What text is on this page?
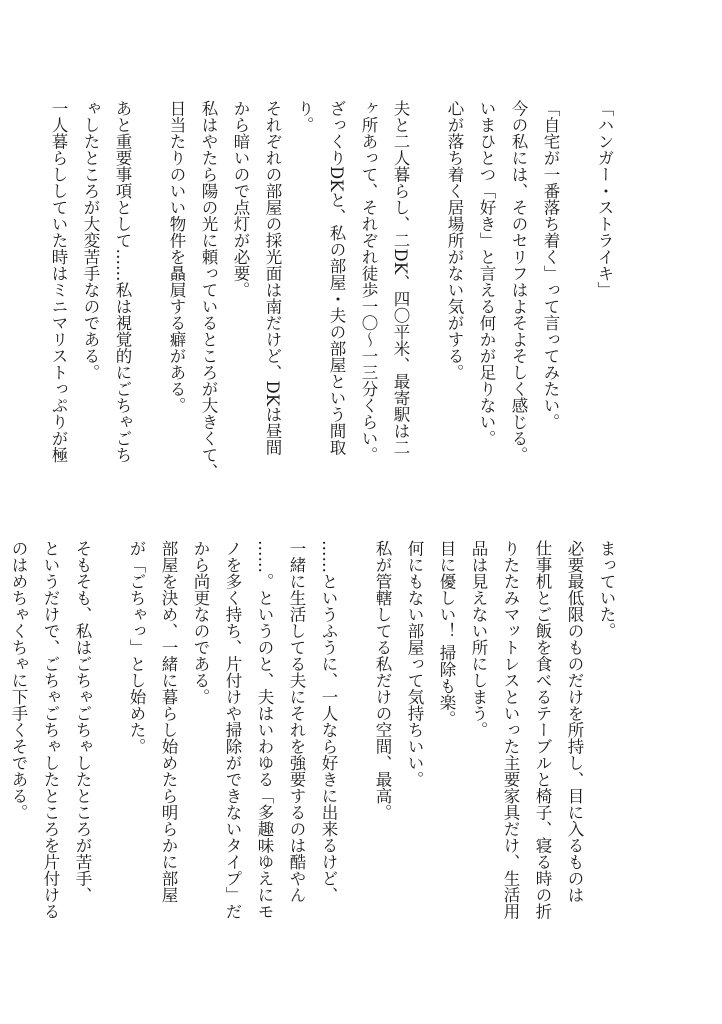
「ハンガー・ストライキ」
「自宅が一番落ち着く」って言ってみたい。
今の私には、そのセリフはよそよそしく感じる。
いまひとつ「好き」と言える何かが足りない。
心が落ち着く居場所がない気がする。
夫と二人暮らし、二DK、四〇平米、最寄駅は二
ヶ所あって、それぞれ徒歩一〇～一三分くらい。
ざっくりDKと、私の部屋・夫の部屋という間取
り。
それぞれの部屋の採光面は南だけど、DKは昼間
から暗いので点灯が必要。
私はやたら陽の光に頼っているところが大きくて、
日当たりのいい物件を贔屓する癖がある。
あと重要事項として……私は視覚的にごちゃごち
ゃしたところが大変苦手なのである。
一人暮らししていた時はミニマリストっぷりが極
まっていた。
必要最低限のものだけを所持し、目に入るものは
仕事机とご飯を食べるテーブルと椅子、寝る時の折
りたたみマットレスといった主要家具だけ、生活用
品は見えない所にしまう。
目に優しい！ 掃除も楽。
何にもない部屋って気持ちいい。
私が管轄してる私だけの空間、最高。
……というふうに、一人なら好きに出来るけど、
一緒に生活してる夫にそれを強要するのは酷やん
……。というのと、夫はいわゆる「多趣味ゆえにモ
ノを多く持ち、片付けや掃除ができないタイプ」だ
から尚更なのである。
部屋を決め、一緒に暮らし始めたら明らかに部屋
が「ごちゃっ」とし始めた。
そもそも、私はごちゃごちゃしたところが苦手、
というだけで、ごちゃごちゃしたところを片付ける
のはめちゃくちゃに下手くそである。
